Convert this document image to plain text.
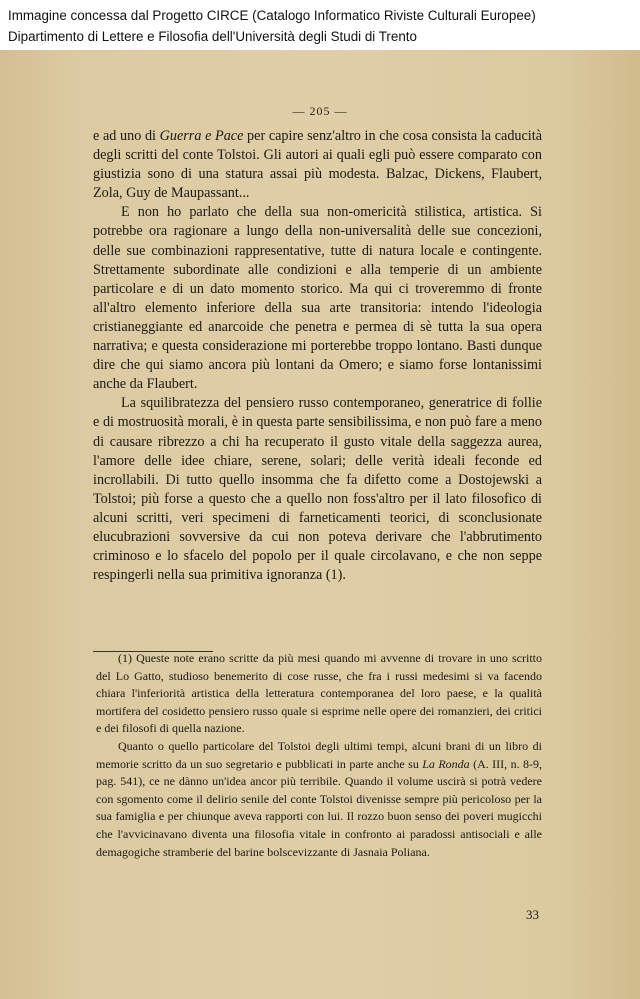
Immagine concessa dal Progetto CIRCE (Catalogo Informatico Riviste Culturali Europee)
Dipartimento di Lettere e Filosofia dell'Università degli Studi di Trento
— 205 —

e ad uno di Guerra e Pace per capire senz'altro in che cosa consista la caducità degli scritti del conte Tolstoi. Gli autori ai quali egli può essere comparato con giustizia sono di una statura assai più modesta. Balzac, Dickens, Flaubert, Zola, Guy de Maupassant...

E non ho parlato che della sua non-omericità stilistica, artistica. Si potrebbe ora ragionare a lungo della non-universalità delle sue concezioni, delle sue combinazioni rappresentative, tutte di natura locale e contingente. Strettamente subordinate alle condizioni e alla temperie di un ambiente particolare e di un dato momento storico. Ma qui ci troveremmo di fronte all'altro elemento inferiore della sua arte transitoria: intendo l'ideologia cristianeggiante ed anarcoide che penetra e permea di sè tutta la sua opera narrativa; e questa considerazione mi porterebbe troppo lontano. Basti dunque dire che qui siamo ancora più lontani da Omero; e siamo forse lontanissimi anche da Flaubert.

La squilibratezza del pensiero russo contemporaneo, generatrice di follie e di mostruosità morali, è in questa parte sensibilissima, e non può fare a meno di causare ribrezzo a chi ha recuperato il gusto vitale della saggezza aurea, l'amore delle idee chiare, serene, solari; delle verità ideali feconde ed incrollabili. Di tutto quello insomma che fa difetto come a Dostojewski a Tolstoi; più forse a questo che a quello non foss'altro per il lato filosofico di alcuni scritti, veri specimeni di farneticamenti teorici, di sconclusionate elucubrazioni sovversive da cui non poteva derivare che l'abbrutimento criminoso e lo sfacelo del popolo per il quale circolavano, e che non seppe respingerli nella sua primitiva ignoranza (1).

(1) Queste note erano scritte da più mesi quando mi avvenne di trovare in uno scritto del Lo Gatto, studioso benemerito di cose russe, che fra i russi medesimi si va facendo chiara l'inferiorità artistica della letteratura contemporanea del loro paese, e la qualità mortifera del cosidetto pensiero russo quale si esprime nelle opere dei romanzieri, dei critici e dei filosofi di quella nazione.

Quanto o quello particolare del Tolstoi degli ultimi tempi, alcuni brani di un libro di memorie scritto da un suo segretario e pubblicati in parte anche su La Ronda (A. III, n. 8-9, pag. 541), ce ne dànno un'idea ancor più terribile. Quando il volume uscirà si potrà vedere con sgomento come il delirio senile del conte Tolstoi divenisse sempre più pericoloso per la sua famiglia e per chiunque aveva rapporti con lui. Il rozzo buon senso dei poveri mugicchi che l'avvicinavano diventa una filosofia vitale in confronto ai paradossi antisociali e alle demagogiche stramberie del barine bolscevizzante di Jasnaia Poliana.

33
